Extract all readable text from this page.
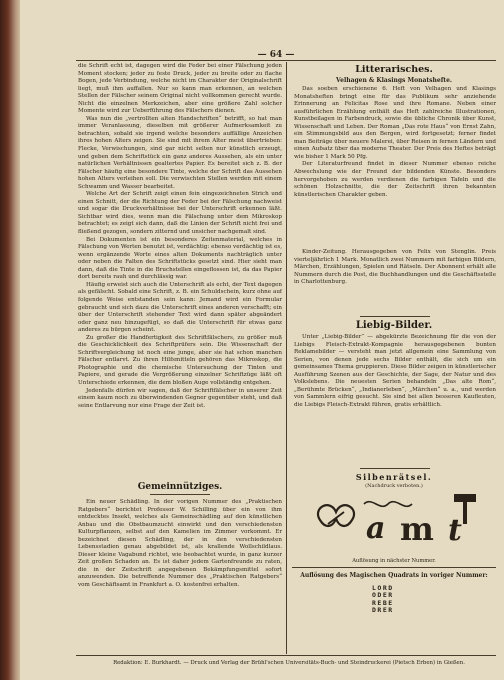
— 64 —

die Schrift echt ist, dagegen wird die Feder bei einer Fälschung jeden Moment stocken; jeder zu feste Druck, jeder zu breite oder zu flache Bogen, jede Verbindung, welche nicht im Charakter der Originalschrift liegt, muß ihm auffallen. Nur so kann man erkennen, an welchen Stellen der Fälscher seinem Original nicht vollkommen gerecht wurde. Nicht die einzelnen Merkzeichen, aber eine größere Zahl solcher Momente wird zur Ueberführung des Fälschers dienen.

Was nun die „vertrollten alten Handschriften“ betrifft, so hat man immer Veranlassung, dieselben mit größerer Aufmerksamkeit zu betrachten, sobald sie irgend welche besonders auffällige Anzeichen ihres hohen Alters zeigen. Sie sind mit ihrem Alter meist übertrieben: Flecke, Verwischungen, sind gar nicht selten nur künstlich erzeugt, und geben dem Schriftstück ein ganz anderes Aussehen, als ein unter natürlichen Verhältnissen gealtertes Papier. Es bereitet sich z. B. der Fälscher häufig eine besondere Tinte, welche der Schrift das Aussehen hohen Alters verleihen soll. Die verwischten Stellen werden mit einem Schwamm und Wasser bearbeitet.

Welche Art der Schrift zeigt einen fein eingezeichneten Strich und einen Schnitt, der die Richtung der Feder bei der Fälschung nachweist und sogar die Druckverhältnisse bei der Unterschrift erkennen läßt. Sichtbar wird dies, wenn man die Fälschung unter dem Mikroskop betrachtet; es zeigt sich dann, daß die Linien der Schrift nicht frei und fließend gezogen, sondern zitternd und unsicher nachgemalt sind.

Bei Dokumenten ist ein besonderes Zeitenmaterial, welches in Fälschung von Werten benutzt ist, verdächtig: ebenso verdächtig ist es, wenn ergänzende Worte eines alten Dokuments nachträglich unter oder neben die Falten des Schriftstücks gesetzt sind. Hier sieht man dann, daß die Tinte in die Bruchstellen eingeflossen ist, da das Papier dort bereits rauh und durchlässig war.

Häufig erweist sich auch die Unterschrift als echt, der Text dagegen als gefälscht. Sobald eine Schrift, z. B. ein Schuldschein, kurz ohne auf folgende Weise entstanden sein kann: Jemand wird ein Formular gebraucht und sich dazu die Unterschrift eines anderen verschafft; ein über der Unterschrift stehender Text wird dann später abgeändert oder ganz neu hinzugefügt, so daß die Unterschrift für etwas ganz anderes zu bürgen scheint.

Zu großer die Handfertigkeit des Schriftfälschers, zu größer muß die Geschicklichkeit des Schriftprüfers sein. Die Wissenschaft der Schriftvergleichung ist noch eine junge, aber sie hat schon manchen Fälscher entlarvt. Zu ihren Hilfsmitteln gehören das Mikroskop, die Photographie und die chemische Untersuchung der Tinten und Papiere, und gerade die Vergrößerung einzelner Schriftzüge läßt oft Unterschiede erkennen, die dem bloßen Auge vollständig entgehen.

Jedenfalls dürfen wir sagen, daß der Schriftfälscher in unserer Zeit einem kaum noch zu überwindenden Gegner gegenüber steht, und daß seine Entlarvung nur eine Frage der Zeit ist.

Gemeinnütziges.

Ein neuer Schädling. In der vorigen Nummer des „Praktischen Ratgebers“ berichtet Professor W. Schilling über ein von ihm entdecktes Insekt, welches als Gemeinschädling auf den künstlichen Anbau und die Obstbaumzucht einwirkt und den verschiedensten Kulturpflanzen, selbst auf den Kamelien im Zimmer vorkommt. Er bezeichnet diesen Schädling, der in den verschiedensten Lebensstadien genau abgebildet ist, als krallende Wollschildlaus. Dieser kleine Vagabund richtet, wie beobachtet wurde, in ganz kurzer Zeit großen Schaden an. Es ist daher jedem Gartenfreunde zu raten, die in der Zeitschrift angegebenen Bekämpfungsmittel sofort anzuwenden. Die betreffende Nummer des „Praktischen Ratgebers“ vom Geschäftsamt in Frankfurt a. O. kostenfrei erhalten.

Litterarisches.
Velhagen & Klasings Monatshefte.

Das soeben erschienene 6. Heft von Velhagen und Klasings Monatsheften bringt eine für das Publikum sehr anziehende Erinnerung an Felicitas Rose und ihre Romane. Neben einer ausführlichen Erzählung enthält das Heft zahlreiche Illustrationen, Kunstbeilagen in Farbendruck, sowie die übliche Chronik über Kunst, Wissenschaft und Leben. Der Roman „Das rote Haus“ von Ernst Zahn, ein Stimmungsbild aus den Bergen, wird fortgesetzt; ferner findet man Beiträge über neuere Malerei, über Reisen in fernen Ländern und einen Aufsatz über das moderne Theater. Der Preis des Heftes beträgt wie bisher 1 Mark 50 Pfg.

Der Literaturfreund findet in dieser Nummer ebenso reiche Abwechslung wie der Freund der bildenden Künste. Besonders hervorgehoben zu werden verdienen die farbigen Tafeln und die schönen Holzschnitte, die der Zeitschrift ihren bekannten künstlerischen Charakter geben.

Kinder-Zeitung. Herausgegeben von Felix von Stenglin. Preis vierteljährlich 1 Mark. Monatlich zwei Nummern mit farbigen Bildern, Märchen, Erzählungen, Spielen und Rätseln. Der Abonnent erhält alle Nummern durch die Post, die Buchhandlungen und die Geschäftsstelle in Charlottenburg.

Liebig-Bilder.

Unter „Liebig-Bilder“ — abgekürzte Bezeichnung für die von der Liebigs Fleisch-Extrakt-Kompagnie herausgegebenen bunten Reklamebilder — versteht man jetzt allgemein eine Sammlung von Serien, von denen jede sechs Bilder enthält, die sich um ein gemeinsames Thema gruppieren. Diese Bilder zeigen in künstlerischer Ausführung Szenen aus der Geschichte, der Sage, der Natur und des Volkslebens. Die neuesten Serien behandeln „Das alte Rom“, „Berühmte Brücken“, „Indianerleben“, „Märchen“ u. a., und werden von Sammlern eifrig gesucht. Sie sind bei allen besseren Kaufleuten, die Liebigs Fleisch-Extrakt führen, gratis erhältlich.

Silbenrätsel.
(Nachdruck verboten.)
a m t
Auflösung in nächster Nummer.
Auflösung des Magischen Quadrats in voriger Nummer:
LORD
ODER
REBE
DRER
Redaktion: E. Burkhardt. — Druck und Verlag der Brühl'schen Universitäts-Buch- und Steindruckerei (Pietsch Erben) in Gießen.
